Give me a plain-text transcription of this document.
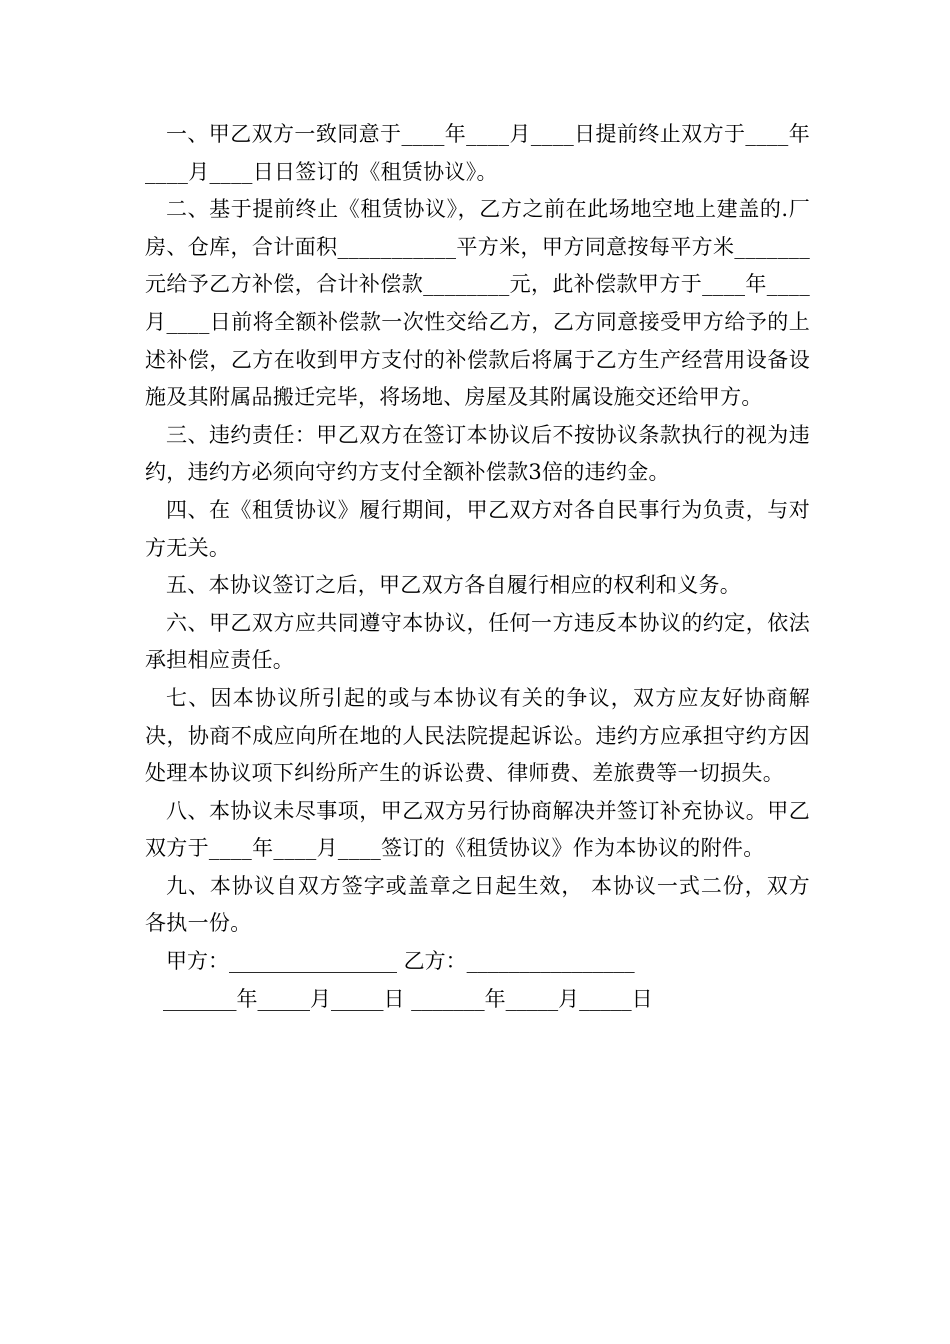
一、甲乙双方一致同意于____年____月____日提前终止双方于____年____月____日日签订的《租赁协议》。

二、基于提前终止《租赁协议》，乙方之前在此场地空地上建盖的.厂房、仓库，合计面积___________平方米，甲方同意按每平方米_______ 元给予乙方补偿，合计补偿款________元，此补偿款甲方于____年____月____日前将全额补偿款一次性交给乙方，乙方同意接受甲方给予的上述补偿，乙方在收到甲方支付的补偿款后将属于乙方生产经营用设备设施及其附属品搬迁完毕，将场地、房屋及其附属设施交还给甲方。

三、违约责任：甲乙双方在签订本协议后不按协议条款执行的视为违约，违约方必须向守约方支付全额补偿款3倍的违约金。

四、在《租赁协议》履行期间，甲乙双方对各自民事行为负责，与对方无关。

五、本协议签订之后，甲乙双方各自履行相应的权利和义务。

六、甲乙双方应共同遵守本协议，任何一方违反本协议的约定，依法承担相应责任。

七、因本协议所引起的或与本协议有关的争议，双方应友好协商解决，协商不成应向所在地的人民法院提起诉讼。违约方应承担守约方因处理本协议项下纠纷所产生的诉讼费、律师费、差旅费等一切损失。

八、本协议未尽事项，甲乙双方另行协商解决并签订补充协议。甲乙双方于____年____月____签订的《租赁协议》作为本协议的附件。

九、本协议自双方签字或盖章之日起生效， 本协议一式二份，双方各执一份。

甲方：________________ 乙方：________________

_______年_____月_____日 _______年_____月_____日
